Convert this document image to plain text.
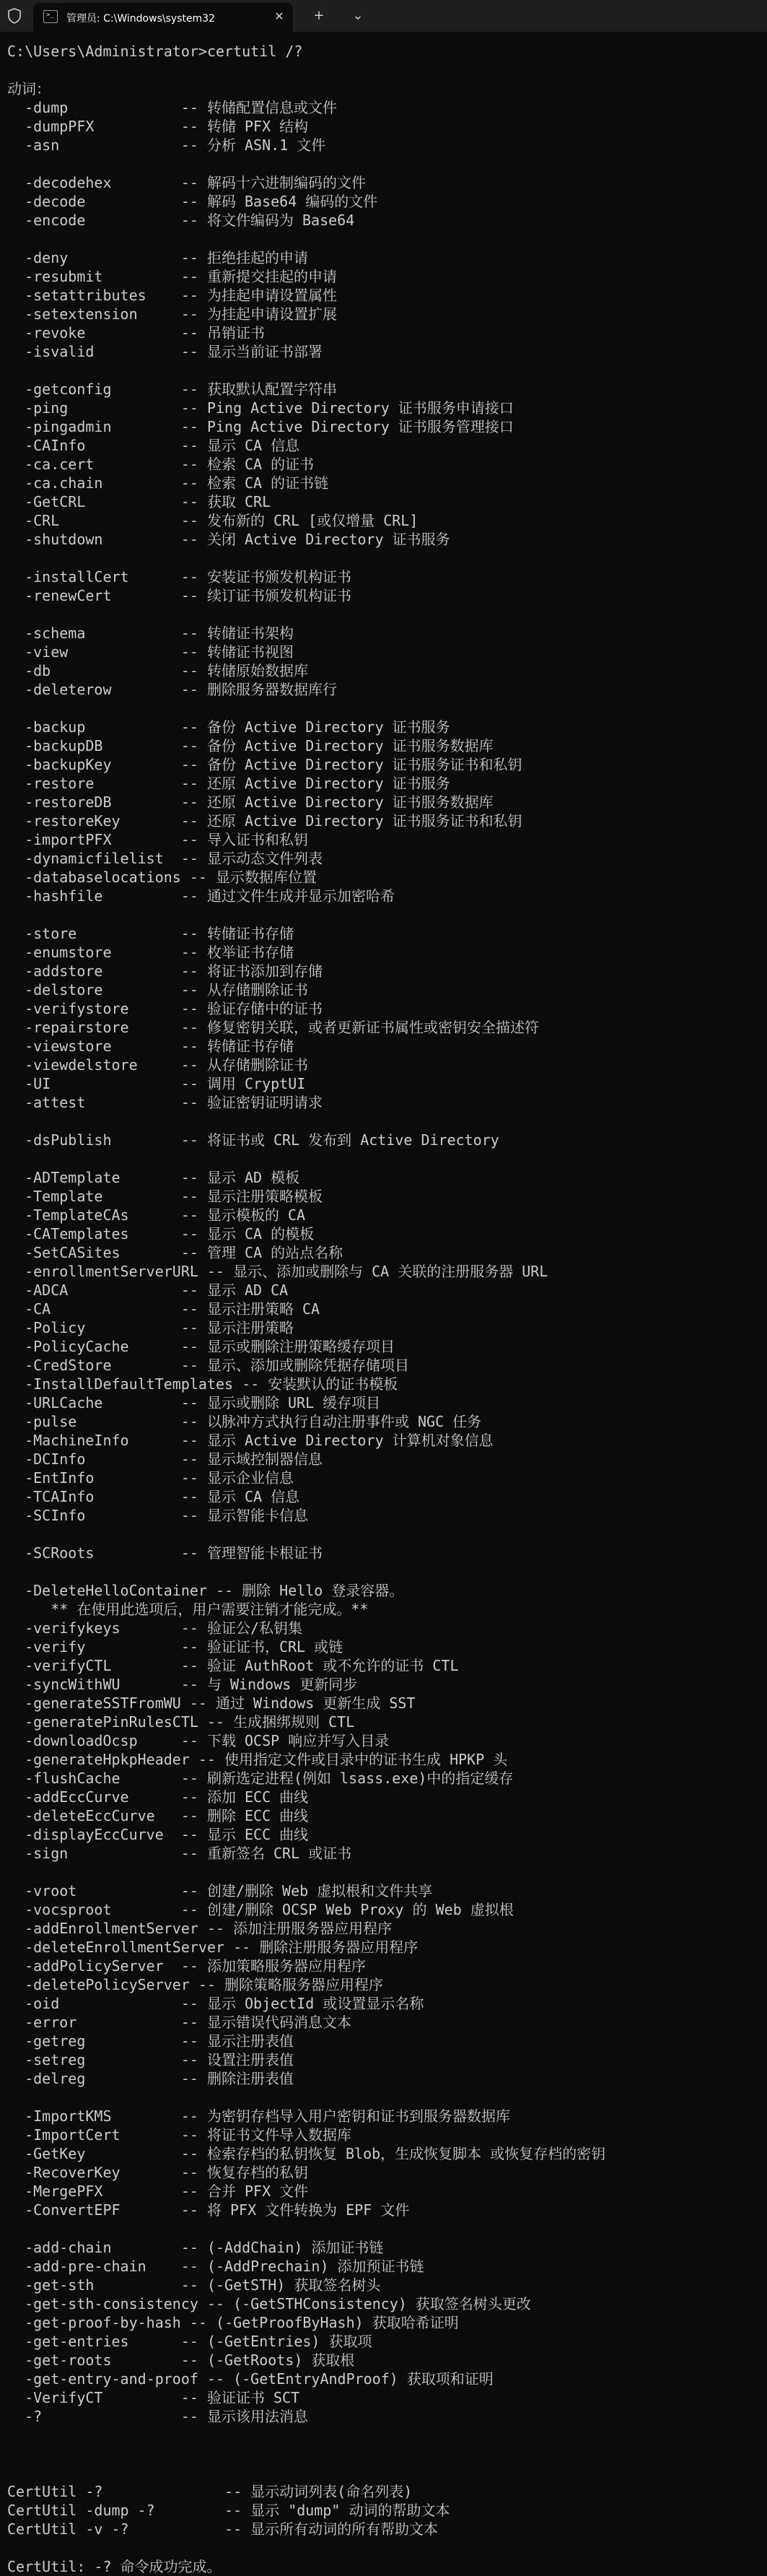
>_ 管理员: C:\Windows\system32	✕	+	⌄
C:\Users\Administrator>certutil /?
动词：
-dump             -- 转储配置信息或文件
-dumpPFX          -- 转储 PFX 结构
-asn              -- 分析 ASN.1 文件
-decodehex        -- 解码十六进制编码的文件
-decode           -- 解码 Base64 编码的文件
-encode           -- 将文件编码为 Base64
-deny             -- 拒绝挂起的申请
-resubmit         -- 重新提交挂起的申请
-setattributes    -- 为挂起申请设置属性
-setextension     -- 为挂起申请设置扩展
-revoke           -- 吊销证书
-isvalid          -- 显示当前证书部署
-getconfig        -- 获取默认配置字符串
-ping             -- Ping Active Directory 证书服务申请接口
-pingadmin        -- Ping Active Directory 证书服务管理接口
-CAInfo           -- 显示 CA 信息
-ca.cert          -- 检索 CA 的证书
-ca.chain         -- 检索 CA 的证书链
-GetCRL           -- 获取 CRL
-CRL              -- 发布新的 CRL [或仅增量 CRL]
-shutdown         -- 关闭 Active Directory 证书服务
-installCert      -- 安装证书颁发机构证书
-renewCert        -- 续订证书颁发机构证书
-schema           -- 转储证书架构
-view             -- 转储证书视图
-db               -- 转储原始数据库
-deleterow        -- 删除服务器数据库行
-backup           -- 备份 Active Directory 证书服务
-backupDB         -- 备份 Active Directory 证书服务数据库
-backupKey        -- 备份 Active Directory 证书服务证书和私钥
-restore          -- 还原 Active Directory 证书服务
-restoreDB        -- 还原 Active Directory 证书服务数据库
-restoreKey       -- 还原 Active Directory 证书服务证书和私钥
-importPFX        -- 导入证书和私钥
-dynamicfilelist  -- 显示动态文件列表
-databaselocations -- 显示数据库位置
-hashfile         -- 通过文件生成并显示加密哈希
-store            -- 转储证书存储
-enumstore        -- 枚举证书存储
-addstore         -- 将证书添加到存储
-delstore         -- 从存储删除证书
-verifystore      -- 验证存储中的证书
-repairstore      -- 修复密钥关联，或者更新证书属性或密钥安全描述符
-viewstore        -- 转储证书存储
-viewdelstore     -- 从存储删除证书
-UI               -- 调用 CryptUI
-attest           -- 验证密钥证明请求
-dsPublish        -- 将证书或 CRL 发布到 Active Directory
-ADTemplate       -- 显示 AD 模板
-Template         -- 显示注册策略模板
-TemplateCAs      -- 显示模板的 CA
-CATemplates      -- 显示 CA 的模板
-SetCASites       -- 管理 CA 的站点名称
-enrollmentServerURL -- 显示、添加或删除与 CA 关联的注册服务器 URL
-ADCA             -- 显示 AD CA
-CA               -- 显示注册策略 CA
-Policy           -- 显示注册策略
-PolicyCache      -- 显示或删除注册策略缓存项目
-CredStore        -- 显示、添加或删除凭据存储项目
-InstallDefaultTemplates -- 安装默认的证书模板
-URLCache         -- 显示或删除 URL 缓存项目
-pulse            -- 以脉冲方式执行自动注册事件或 NGC 任务
-MachineInfo      -- 显示 Active Directory 计算机对象信息
-DCInfo           -- 显示域控制器信息
-EntInfo          -- 显示企业信息
-TCAInfo          -- 显示 CA 信息
-SCInfo           -- 显示智能卡信息
-SCRoots          -- 管理智能卡根证书
-DeleteHelloContainer -- 删除 Hello 登录容器。
** 在使用此选项后，用户需要注销才能完成。**
-verifykeys       -- 验证公/私钥集
-verify           -- 验证证书，CRL 或链
-verifyCTL        -- 验证 AuthRoot 或不允许的证书 CTL
-syncWithWU       -- 与 Windows 更新同步
-generateSSTFromWU -- 通过 Windows 更新生成 SST
-generatePinRulesCTL -- 生成捆绑规则 CTL
-downloadOcsp     -- 下载 OCSP 响应并写入目录
-generateHpkpHeader -- 使用指定文件或目录中的证书生成 HPKP 头
-flushCache       -- 刷新选定进程(例如 lsass.exe)中的指定缓存
-addEccCurve      -- 添加 ECC 曲线
-deleteEccCurve   -- 删除 ECC 曲线
-displayEccCurve  -- 显示 ECC 曲线
-sign             -- 重新签名 CRL 或证书
-vroot            -- 创建/删除 Web 虚拟根和文件共享
-vocsproot        -- 创建/删除 OCSP Web Proxy 的 Web 虚拟根
-addEnrollmentServer -- 添加注册服务器应用程序
-deleteEnrollmentServer -- 删除注册服务器应用程序
-addPolicyServer  -- 添加策略服务器应用程序
-deletePolicyServer -- 删除策略服务器应用程序
-oid              -- 显示 ObjectId 或设置显示名称
-error            -- 显示错误代码消息文本
-getreg           -- 显示注册表值
-setreg           -- 设置注册表值
-delreg           -- 删除注册表值
-ImportKMS        -- 为密钥存档导入用户密钥和证书到服务器数据库
-ImportCert       -- 将证书文件导入数据库
-GetKey           -- 检索存档的私钥恢复 Blob，生成恢复脚本 或恢复存档的密钥
-RecoverKey       -- 恢复存档的私钥
-MergePFX         -- 合并 PFX 文件
-ConvertEPF       -- 将 PFX 文件转换为 EPF 文件
-add-chain        -- (-AddChain) 添加证书链
-add-pre-chain    -- (-AddPrechain) 添加预证书链
-get-sth          -- (-GetSTH) 获取签名树头
-get-sth-consistency -- (-GetSTHConsistency) 获取签名树头更改
-get-proof-by-hash -- (-GetProofByHash) 获取哈希证明
-get-entries      -- (-GetEntries) 获取项
-get-roots        -- (-GetRoots) 获取根
-get-entry-and-proof -- (-GetEntryAndProof) 获取项和证明
-VerifyCT         -- 验证证书 SCT
-?                -- 显示该用法消息
CertUtil -?              -- 显示动词列表(命名列表)
CertUtil -dump -?        -- 显示 "dump" 动词的帮助文本
CertUtil -v -?           -- 显示所有动词的所有帮助文本
CertUtil: -? 命令成功完成。
